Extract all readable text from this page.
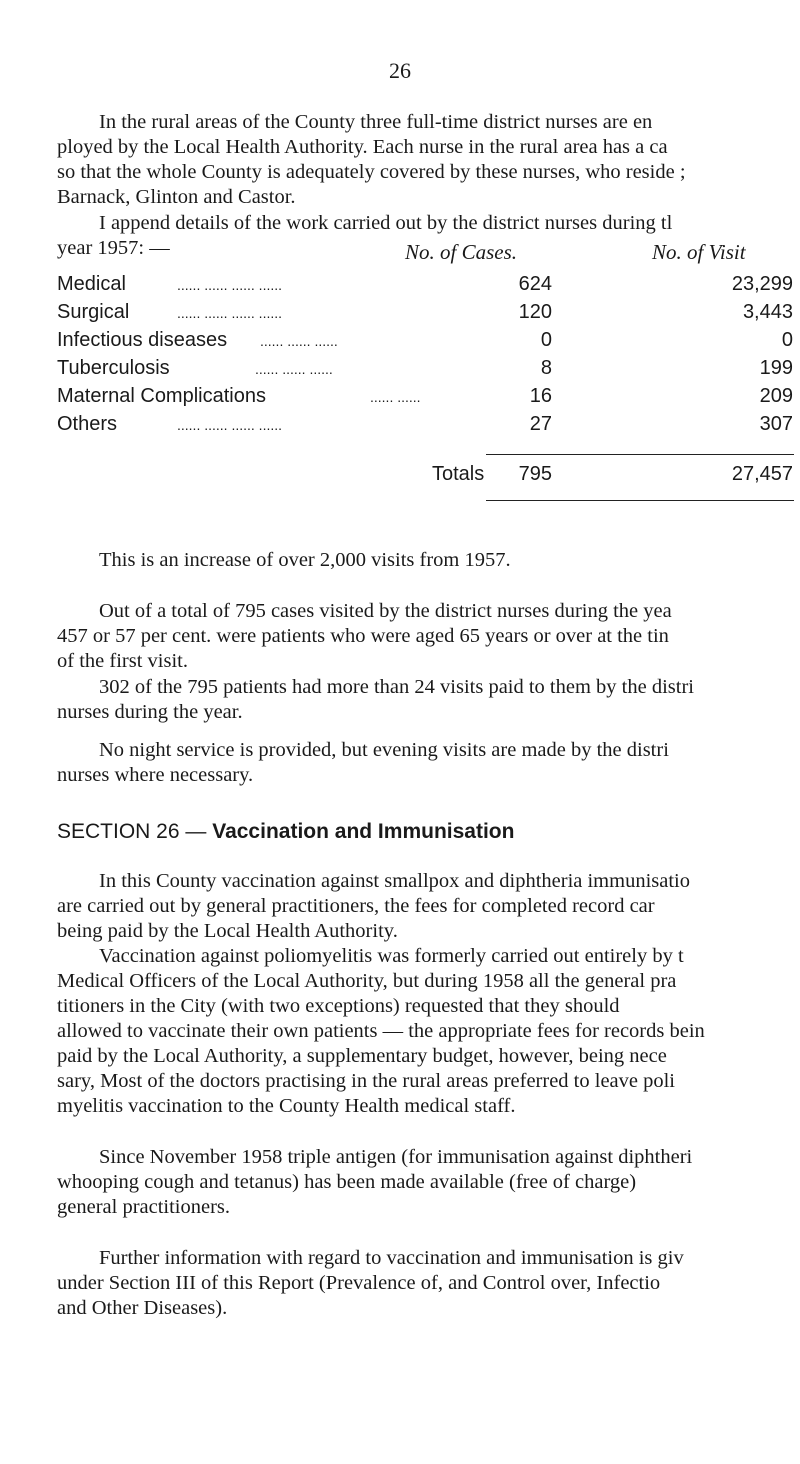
26

In the rural areas of the County three full-time district nurses are en
ployed by the Local Health Authority. Each nurse in the rural area has a ca
so that the whole County is adequately covered by these nurses, who reside ;
Barnack, Glinton and Castor.

I append details of the work carried out by the district nurses during tl
year 1957: —	No. of Cases.	No. of Visit
Medical	...... ...... ...... ......	624	23,299
Surgical	...... ...... ...... ......	120	3,443
Infectious diseases ...... ...... ......	0	0
Tuberculosis	...... ...... ......	8	199
Maternal Complications	...... ......	16	209
Others	...... ...... ...... ......	27	307
Totals	795	27,457

This is an increase of over 2,000 visits from 1957.

Out of a total of 795 cases visited by the district nurses during the yea
457 or 57 per cent. were patients who were aged 65 years or over at the tin
of the first visit.

302 of the 795 patients had more than 24 visits paid to them by the distri
nurses during the year.

No night service is provided, but evening visits are made by the distri
nurses where necessary.

SECTION 26 — Vaccination and Immunisation

In this County vaccination against smallpox and diphtheria immunisatio
are carried out by general practitioners, the fees for completed record car
being paid by the Local Health Authority.

Vaccination against poliomyelitis was formerly carried out entirely by t
Medical Officers of the Local Authority, but during 1958 all the general pra
titioners in the City (with two exceptions) requested that they should
allowed to vaccinate their own patients — the appropriate fees for records bein
paid by the Local Authority, a supplementary budget, however, being nece
sary, Most of the doctors practising in the rural areas preferred to leave poli
myelitis vaccination to the County Health medical staff.

Since November 1958 triple antigen (for immunisation against diphtheri
whooping cough and tetanus) has been made available (free of charge)
general practitioners.

Further information with regard to vaccination and immunisation is giv
under Section III of this Report (Prevalence of, and Control over, Infectio
and Other Diseases).
